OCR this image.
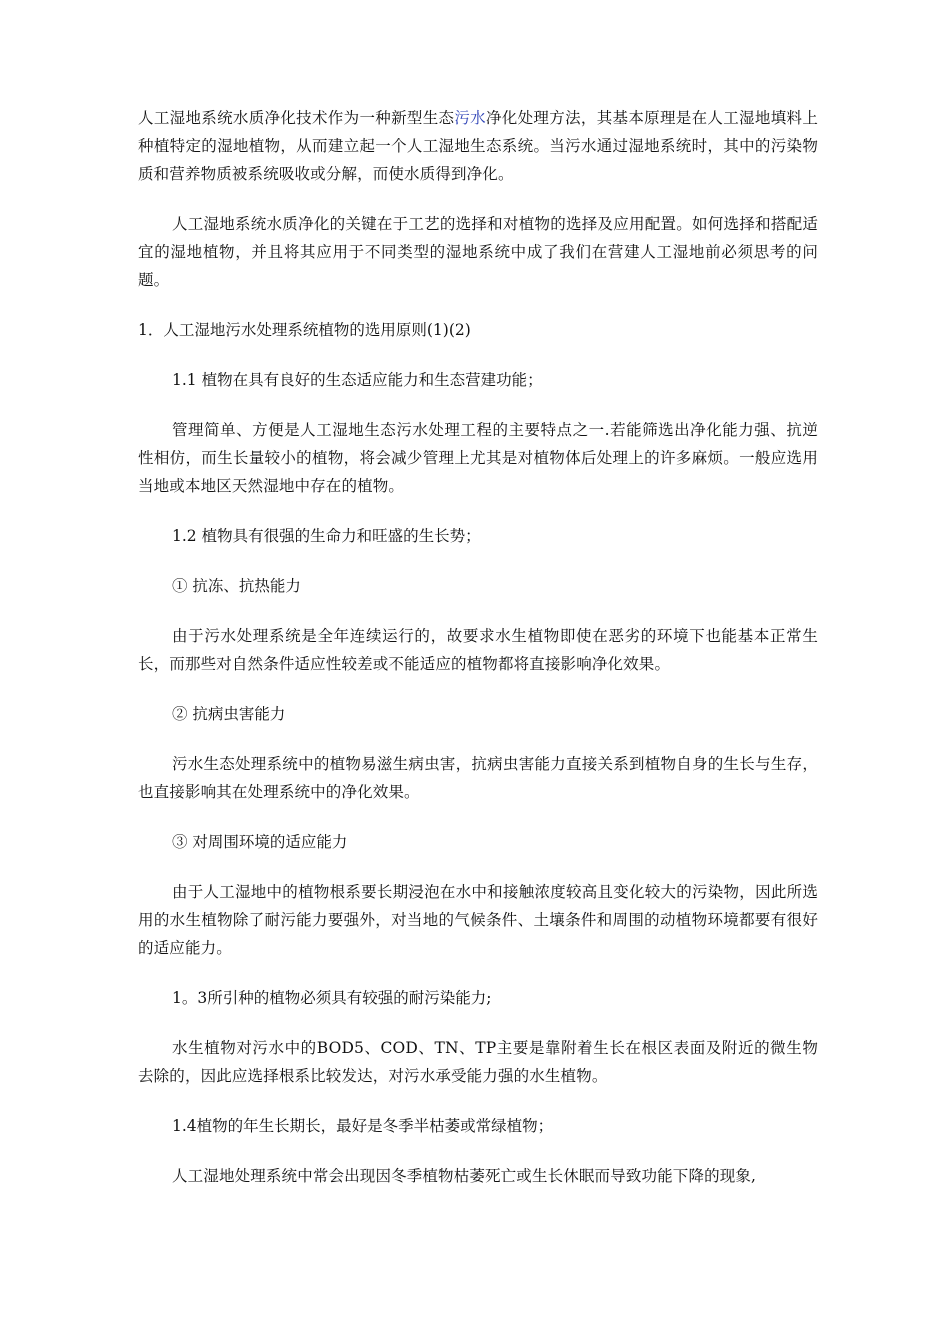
人工湿地系统水质净化技术作为一种新型生态污水净化处理方法，其基本原理是在人工湿地填料上种植特定的湿地植物，从而建立起一个人工湿地生态系统。当污水通过湿地系统时，其中的污染物质和营养物质被系统吸收或分解，而使水质得到净化。

人工湿地系统水质净化的关键在于工艺的选择和对植物的选择及应用配置。如何选择和搭配适宜的湿地植物，并且将其应用于不同类型的湿地系统中成了我们在营建人工湿地前必须思考的问题。

1．人工湿地污水处理系统植物的选用原则(1)(2)

1.1 植物在具有良好的生态适应能力和生态营建功能；

管理简单、方便是人工湿地生态污水处理工程的主要特点之一.若能筛选出净化能力强、抗逆性相仿，而生长量较小的植物，将会减少管理上尤其是对植物体后处理上的许多麻烦。一般应选用当地或本地区天然湿地中存在的植物。

1.2 植物具有很强的生命力和旺盛的生长势；

① 抗冻、抗热能力

由于污水处理系统是全年连续运行的，故要求水生植物即使在恶劣的环境下也能基本正常生长，而那些对自然条件适应性较差或不能适应的植物都将直接影响净化效果。

② 抗病虫害能力

污水生态处理系统中的植物易滋生病虫害，抗病虫害能力直接关系到植物自身的生长与生存，也直接影响其在处理系统中的净化效果。

③ 对周围环境的适应能力

由于人工湿地中的植物根系要长期浸泡在水中和接触浓度较高且变化较大的污染物，因此所选用的水生植物除了耐污能力要强外，对当地的气候条件、土壤条件和周围的动植物环境都要有很好的适应能力。

1。3所引种的植物必须具有较强的耐污染能力;

水生植物对污水中的BOD5、COD、TN、TP主要是靠附着生长在根区表面及附近的微生物去除的，因此应选择根系比较发达，对污水承受能力强的水生植物。

1.4植物的年生长期长，最好是冬季半枯萎或常绿植物；

人工湿地处理系统中常会出现因冬季植物枯萎死亡或生长休眠而导致功能下降的现象,
